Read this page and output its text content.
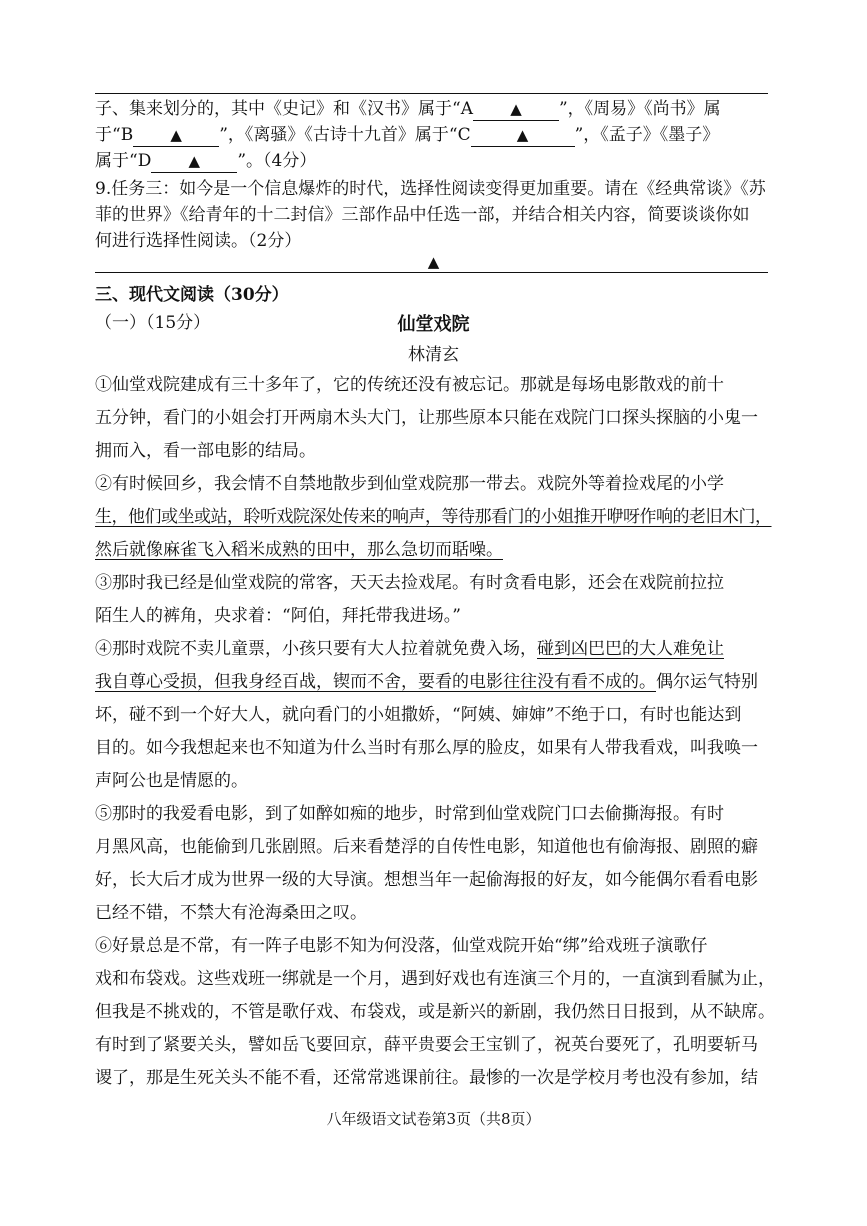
子、集来划分的，其中《史记》和《汉书》属于“A ▲ ”，《周易》《尚书》属
于“B ▲ ”，《离骚》《古诗十九首》属于“C	▲	”，《孟子》《墨子》
属于“D ▲ ”。（4分）
9.任务三：如今是一个信息爆炸的时代，选择性阅读变得更加重要。请在《经典常谈》《苏
菲的世界》《给青年的十二封信》三部作品中任选一部，并结合相关内容，简要谈谈你如
何进行选择性阅读。（2分）
▲
三、现代文阅读（30分）
（一）（15分）	仙堂戏院
林清玄
①仙堂戏院建成有三十多年了，它的传统还没有被忘记。那就是每场电影散戏的前十
五分钟，看门的小姐会打开两扇木头大门，让那些原本只能在戏院门口探头探脑的小鬼一
拥而入，看一部电影的结局。
②有时候回乡，我会情不自禁地散步到仙堂戏院那一带去。戏院外等着捡戏尾的小学
生，他们或坐或站，聆听戏院深处传来的响声，等待那看门的小姐推开咿呀作响的老旧木门，
然后就像麻雀飞入稻米成熟的田中，那么急切而聒噪。
③那时我已经是仙堂戏院的常客，天天去捡戏尾。有时贪看电影，还会在戏院前拉拉
陌生人的裤角，央求着：“阿伯，拜托带我进场。”
④那时戏院不卖儿童票，小孩只要有大人拉着就免费入场，碰到凶巴巴的大人难免让
我自尊心受损，但我身经百战，锲而不舍，要看的电影往往没有看不成的。偶尔运气特别
坏，碰不到一个好大人，就向看门的小姐撒娇，“阿姨、婶婶”不绝于口，有时也能达到
目的。如今我想起来也不知道为什么当时有那么厚的脸皮，如果有人带我看戏，叫我唤一
声阿公也是情愿的。
⑤那时的我爱看电影，到了如醉如痴的地步，时常到仙堂戏院门口去偷撕海报。有时
月黑风高，也能偷到几张剧照。后来看楚浮的自传性电影，知道他也有偷海报、剧照的癖
好，长大后才成为世界一级的大导演。想想当年一起偷海报的好友，如今能偶尔看看电影
已经不错，不禁大有沧海桑田之叹。
⑥好景总是不常，有一阵子电影不知为何没落，仙堂戏院开始“绑”给戏班子演歌仔
戏和布袋戏。这些戏班一绑就是一个月，遇到好戏也有连演三个月的，一直演到看腻为止，
但我是不挑戏的，不管是歌仔戏、布袋戏，或是新兴的新剧，我仍然日日报到，从不缺席。
有时到了紧要关头，譬如岳飞要回京，薛平贵要会王宝钏了，祝英台要死了，孔明要斩马
谡了，那是生死关头不能不看，还常常逃课前往。最惨的一次是学校月考也没有参加，结
八年级语文试卷第3页（共8页）
